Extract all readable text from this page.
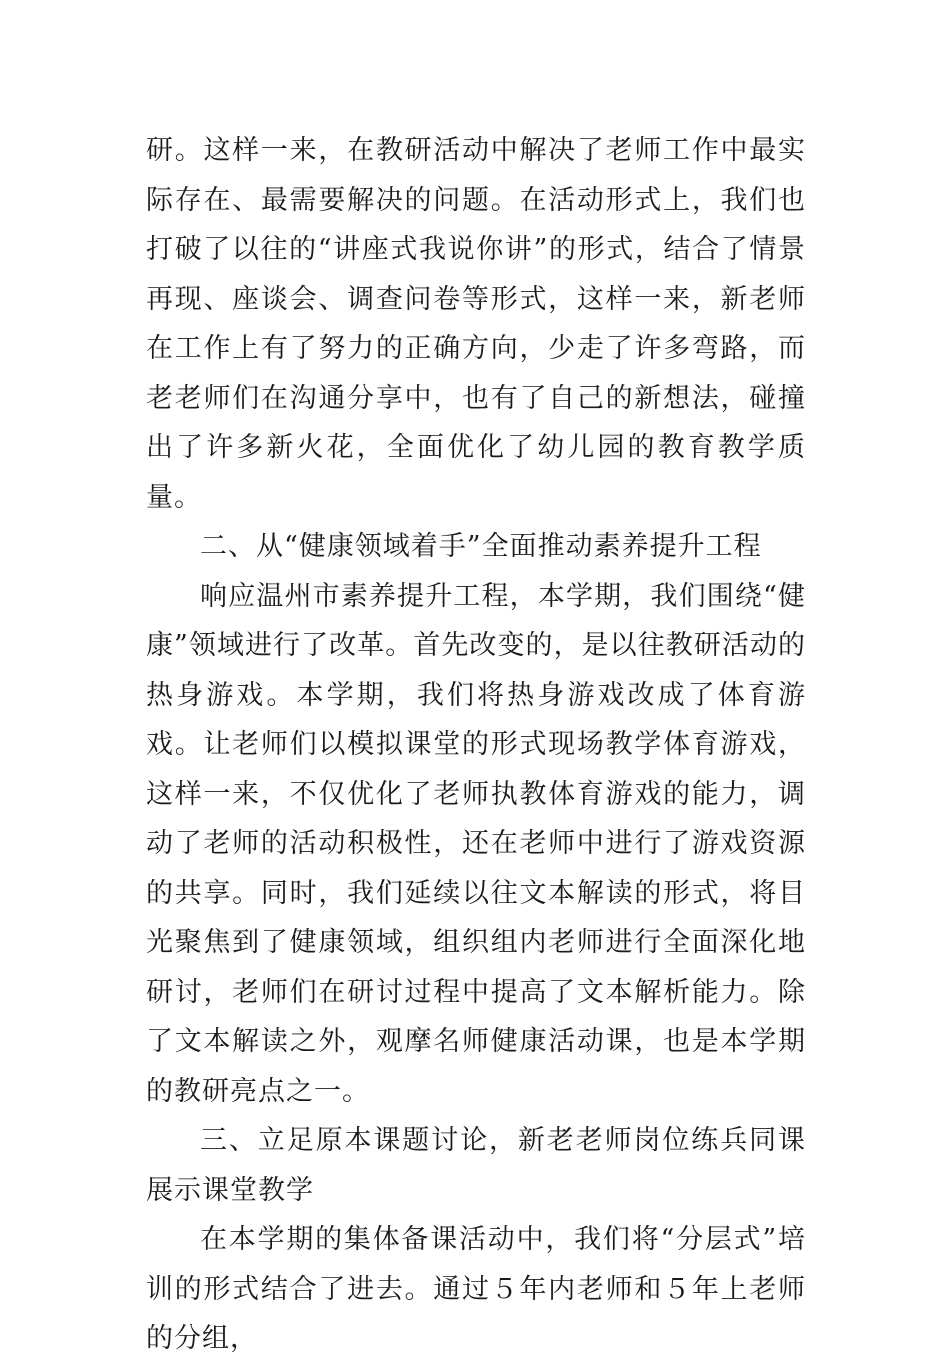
研。这样一来，在教研活动中解决了老师工作中最实际存在、最需要解决的问题。在活动形式上，我们也打破了以往的“讲座式我说你讲”的形式，结合了情景再现、座谈会、调查问卷等形式，这样一来，新老师在工作上有了努力的正确方向，少走了许多弯路，而老老师们在沟通分享中，也有了自己的新想法，碰撞出了许多新火花，全面优化了幼儿园的教育教学质量。

二、从“健康领域着手”全面推动素养提升工程

响应温州市素养提升工程，本学期，我们围绕“健康”领域进行了改革。首先改变的，是以往教研活动的热身游戏。本学期，我们将热身游戏改成了体育游戏。让老师们以模拟课堂的形式现场教学体育游戏，这样一来，不仅优化了老师执教体育游戏的能力，调动了老师的活动积极性，还在老师中进行了游戏资源的共享。同时，我们延续以往文本解读的形式，将目光聚焦到了健康领域，组织组内老师进行全面深化地研讨，老师们在研讨过程中提高了文本解析能力。除了文本解读之外，观摩名师健康活动课，也是本学期的教研亮点之一。

三、立足原本课题讨论，新老老师岗位练兵同课展示课堂教学

在本学期的集体备课活动中，我们将“分层式”培训的形式结合了进去。通过５年内老师和５年上老师的分组，
